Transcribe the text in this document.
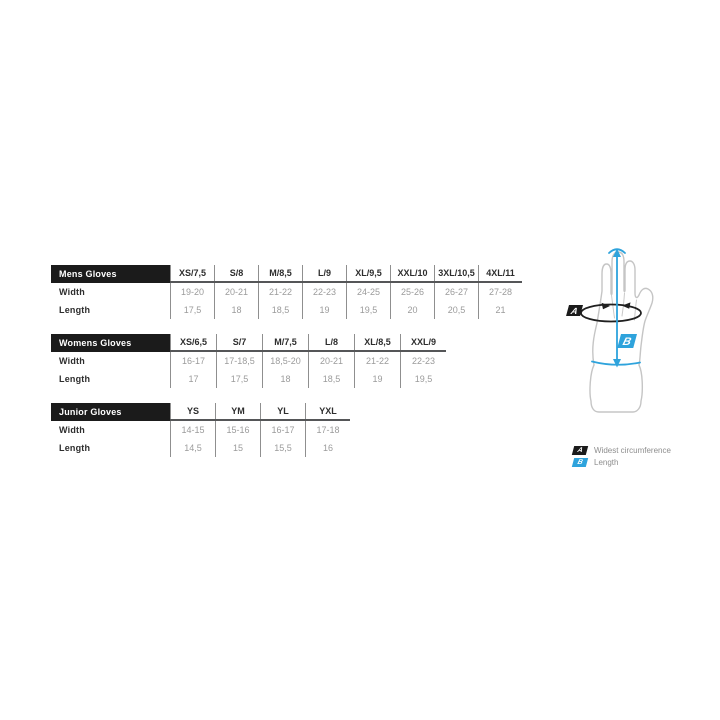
Mens Gloves	XS/7,5	S/8	M/8,5	L/9	XL/9,5	XXL/10	3XL/10,5	4XL/11
Width	19-20	20-21	21-22	22-23	24-25	25-26	26-27	27-28
Length	17,5	18	18,5	19	19,5	20	20,5	21
Womens Gloves	XS/6,5	S/7	M/7,5	L/8	XL/8,5	XXL/9
Width	16-17	17-18,5	18,5-20	20-21	21-22	22-23
Length	17	17,5	18	18,5	19	19,5
Junior Gloves	YS	YM	YL	YXL
Width	14-15	15-16	16-17	17-18
Length	14,5	15	15,5	16
A
B
A	Widest circumference
B	Length
